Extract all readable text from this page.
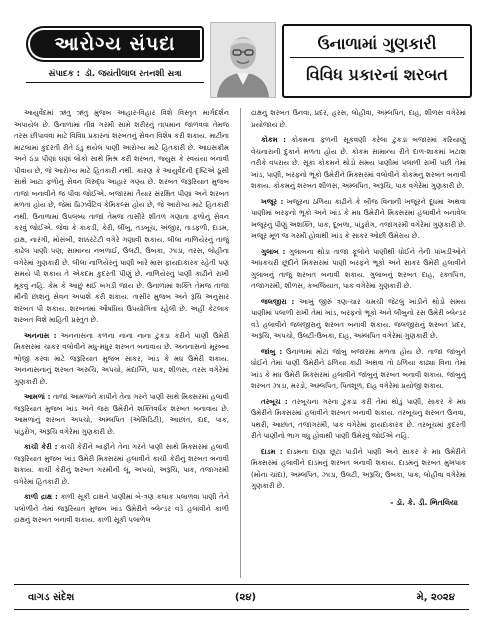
આરોગ્ય સંપદા
સંપાદક : ડૉ. જયંતીલાલ રતનશી સત્રા
ઉનાળામાં ગુણકારી
વિવિધ પ્રકારનાં શરબત

આયુર્વેદમાં ઋતુ ઋતુ મુજબ આહાર-વિહાર વિશે વિસ્તૃત માર્ગદર્શન અપાયેલ છે. ઉનાળામાં તીવ્ર ગરમી સામે શરીરનું તાપમાન જાળવવા તેમજ તરસ છીપાવવા માટે વિવિધ પ્રકારનાં શરબતનું સેવન વિશેષ કરી શકાય. માટીના માટલામાં કુદરતી રીતે ઠંડુ થયેલ પાણી આરોગ્ય માટે હિતકારી છે. આઇસક્રીમ અને ઠંડા પીણાં ઘણાં લોકો સાથે મિશ્ર કરી શરબત, જ્યુસ કે સ્વયંયા બનાવી પીવાય છે, જે આરોગ્ય માટે હિતકારી નથી. કારણ કે આયુર્વેદની દૃષ્ટિએ ઠૂસી સાથે ખાટા ફળોનું સેવન વિરુદ્ધ આહાર ગણ્ય છે. શરબત જરૂરિયાત મુજબ તાજા બનાવીને જ પીવા જોઈએ. બજારમાં તૈયાર સંરક્ષિત પીણાં અને શરબત મળતા હોય છે, જેમાં પ્રિઝર્વેટિવ કેમિકલ્સ હોય છે, જે આરોગ્ય માટે હિતકારી નથી. ઉનાળામાં ઉપલબ્ધ તાજાં તેમજ તાસીરે શીતળ ગણાતા ફળોનું સેવન કરવું જોઈએ. જેવા કે કાકડી, કેરી, લીંબુ, તડબૂચ, અંજીર, તાડફળી, દાડમ, દ્રાક્ષ, નારંગી, મોસંબી, શક્કરટેટી વગેરે ગણાવી શકાય. લીલા નાળિયેરનું તાજું કાઢેલ પાણી પણ, સામાન્ય નબળાઈ, ઉલટી, ઉબકા, ઝાડા, તરસ, લોહીના વગેરેમાં ગુણકારી છે. લીલા નાળિયેરનું પાણી બારે માસ ફાયદાકારક રહેતી પણ સમયે પી શકાય તે એકદમ કુદરતી પીણું છે. નાળિયેરનું પાણી કાઢીને રાખી મૂકવું નહિ. કેમ કે આછું થઈ બગડી જાય છે. ઉનાળામાં શક્તિ તેમજ તાજા મીની છાશનું સેવન અપાશે કરી શકાય. તાસીર મુજબ અને રૂચિ અનુસાર શરબત પી શકાય. શરબતમાં ઔષધિય ઉપયોગિતા રહેલી છે. અહીં કેટલાક શરબત વિશે માહિતી પ્રસ્તુત છે.

અનનાસ : અનનાસના કળના નાના નાના ટુકડા કરીને પાણી ઉમેરી મિક્સરમાં ચાકર વલોવીને મધુ-મધુર શરબત બનાવાય છે. અનનાસનો મૂરબ્બા ભોજી કરવા માટે જરૂરિયાત મુજબ સાકર, ખાંડ કે મધ ઉમેરી શકાય. અનનાસનાનું શરબત અરુચિ, અપચો, મંદાગ્નિ, પાક, શીળસ, તરસ વગેરેમાં ગુણકારી છે.

આમળાં : તાજાં આમળાંને કાપીને તેના ગરને પાણી સાથે મિક્સરમાં હલાવી જરૂરિયાત મુજબ ખાંડ અને જરા ઉમેરીને શક્તિવર્ધક શરબત બનાવાય છે. આમળાંનું શરબત અપચો, અમ્લપિત (એસિડિટી), આછાંત, દાદ, પાક, પાંડુરોગ, અરૂચિ વગેરેમાં ગુણકારી છે.

કાચી કેરી : કાચી કેરીને બાફીને તેના ગરને પાણી સાથે મિક્સરમાં હલાવી જરૂરિયાત મુજબ ખાંડ ઉમેરી મિક્સરમાં હલાવીને કાચી કેરીનું શરબત બનાવી શકાય. કાચી કેરીનું શરબત ગરમીની લૂ, અપચો, અરૂચિ, પાક, તજાગરમી વગેરેમાં હિતકારી છે.

કાળી દ્રાક્ષ : કાળી સૂકી દ્રાક્ષને પાણીમાં બે-ત્રણ કલાક પલાળવા પાણી તેને પલોળીને તેમાં જરૂરિયાત મુજબ ખાંડ ઉમેરીને બ્લેન્ડર વડે હલાવીને કાળી દ્રાક્ષનું શરબત બનાવી શકાય. કાળી સૂકી પલાળેલ

દ્રાક્ષનું શરબત ઉનવા, પ્રદર, હરસ, લોહીવા, અમ્લપિત, દાહ, શીળસ વગેરેમાં પ્રયોજાય છે.

કોકમ : કોકમના ફળની સૂકવણી કરેલા ટુકડા બજારમાં કરિયાણું વેચનારાની દુકાને મળતા હોય છે. કોકમ સામાન્ય રીતે દાળ-શાકમાં ખટાશ તરીકે વપરાય છે. સૂકા કોકમને થોડો સમય પાણીમાં પલાળી રાખી પછી તેમાં ખાંડ, પાણી, બરફનો ભૂકો ઉમેરીને મિક્સરમાં વલોવીને કોકમનું શરબત બનાવી શકાય. કોકમનું શરબત શીળસ, અમ્લપિત, અરૂચિ, પાક વગેરેમાં ગુણકારી છે.

ખજૂર : ખજૂરના ઠળિયા કાઢીને કે બીજ વિનાની ખજૂરને દૂધમાં અથવા પાણીમાં બરફનો ભૂકો અને ખાંડ કે મધ ઉમેરીને મિક્સરમાં હલાવીને બનાવેલ ખજૂરનું પીણું અશક્તિ, પાક, દૂબળા, પાંડુરોગ, તજાગરમી વગેરેમાં ગુણકારી છે. ખજૂર મૂળ જ ગરમી હોવાથી ખાંડ કે સાકર ઓછી ઉમેરાય છે.

ગુલાબ : ગુલાબના થોડા તાજા ફૂલોને પાણીથી ધોઈને તેની પાંખડીઓને અધકચરી છૂંદીને મિક્સરમાં પાણી બરફને ભૂકો અને સાકર ઉમેરી હલાવીને ગુલાબનું તાજું શરબત બનાવી શકાય. ગુલાબનું શરબત દાહ, રક્તપિત્ત, તજાગરમી, શીળસ, કબજિયાત, પાક વગેરેમાં ગુણકારી છે.

જલજીરા : આખું જીરું ત્રણ-ચાર ચમચી જેટલું ખાંડીને થોડો સમય પાણીમાં પલાળી રાખી તેમાં ખાંડ, બરફનો ભૂકો અને લીંબુનો રસ ઉમેરી બ્લેન્ડર વડે હલાવીને જલજીરાનું શરબત બનાવી શકાય. જલજીરાનું શરબત પ્રદર, અરૂચિ, અપચો, ઉલટી-ઉબકા, દાહ, અમ્લપિત વગેરેમાં ગુણકારી છે.

જાંબુ : ઉનાળામાં મોટાં જાંબુ બજારમાં મળતા હોય છે. તાજા જાંબુને ધોઈને તેમાં પાણી ઉમેરીને ઠળિયા કાઢી અથવા તો ઠળિયા કાઢ્યા વિના તેમાં ખાંડ કે મધ ઉમેરી મિક્સરમાં હલાવીને જાંબુનું શરબત બનાવી શકાય. જાંબુનું શરબત ઝાડા, મરડો, અમ્લપિત, પિતશૂળ, દાહ વગેરેમાં પ્રયોજી શકાય.

તરબૂચ : તરબૂચના ગરના ટુકડા કરી તેમાં થોડું પાણી, સાકર કે મધ ઉમેરીને મિક્સરમાં હલાવીને શરબત બનાવી શકાય. તરબૂચનું શરબત ઉનવા, પથરી, આછાંત, તજાગરમી, પાક વગેરેમાં ફાયદાકારક છે. તરબૂચમાં કુદરતી રીતે પાણીનો ભાગ વધુ હોવાથી પાણી ઉમેરવું જોઈએ નહિ.

દાડમ : દાડમના દાણા છૂટા પાડીને પાણી અને સાકર કે મધ ઉમેરીને મિક્સરમાં હલાવીને દાડમનું શરબત બનાવી શકાય. દાડમનું શરબત મુખપાક (મોંના ચાંદા), અમ્લપિત, ઝાડા, ઉલટી, અરૂચિ, ઉબકા, પાક, લોહીવા વગેરેમાં ગુણકારી છે.

- ડૉ. કે. ડી. ભિતલિયા
વાગડ સંદેશ	(૨૪)	મે, ૨૦૨૪
